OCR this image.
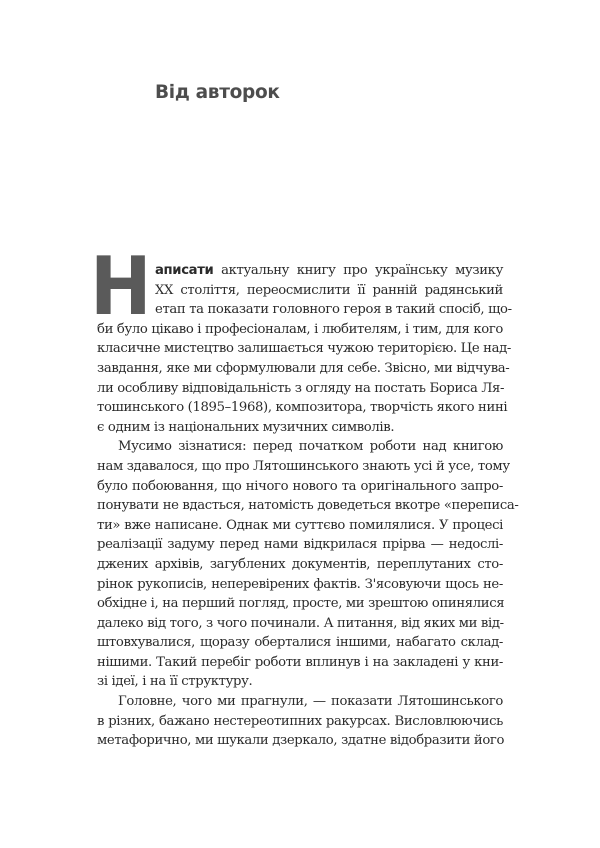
Від авторок
Н аписати актуальну книгу про українську музику
ХХ століття, переосмислити її ранній радянський
етап та показати головного героя в такий спосіб, що-
би було цікаво і професіоналам, і любителям, і тим, для кого
класичне мистецтво залишається чужою територією. Це над-
завдання, яке ми сформулювали для себе. Звісно, ми відчува-
ли особливу відповідальність з огляду на постать Бориса Ля-
тошинського (1895–1968), композитора, творчість якого нині
є одним із національних музичних символів.
Мусимо зізнатися: перед початком роботи над книгою
нам здавалося, що про Лятошинського знають усі й усе, тому
було побоювання, що нічого нового та оригінального запро-
понувати не вдасться, натомість доведеться вкотре «переписа-
ти» вже написане. Однак ми суттєво помилялися. У процесі
реалізації задуму перед нами відкрилася прірва — недослі-
джених архівів, загублених документів, переплутаних сто-
рінок рукописів, неперевірених фактів. З'ясовуючи щось не-
обхідне і, на перший погляд, просте, ми зрештою опинялися
далеко від того, з чого починали. А питання, від яких ми від-
штовхувалися, щоразу оберталися іншими, набагато склад-
нішими. Такий перебіг роботи вплинув і на закладені у кни-
зі ідеї, і на її структуру.
Головне, чого ми прагнули, — показати Лятошинського
в різних, бажано нестереотипних ракурсах. Висловлюючись
метафорично, ми шукали дзеркало, здатне відобразити його
